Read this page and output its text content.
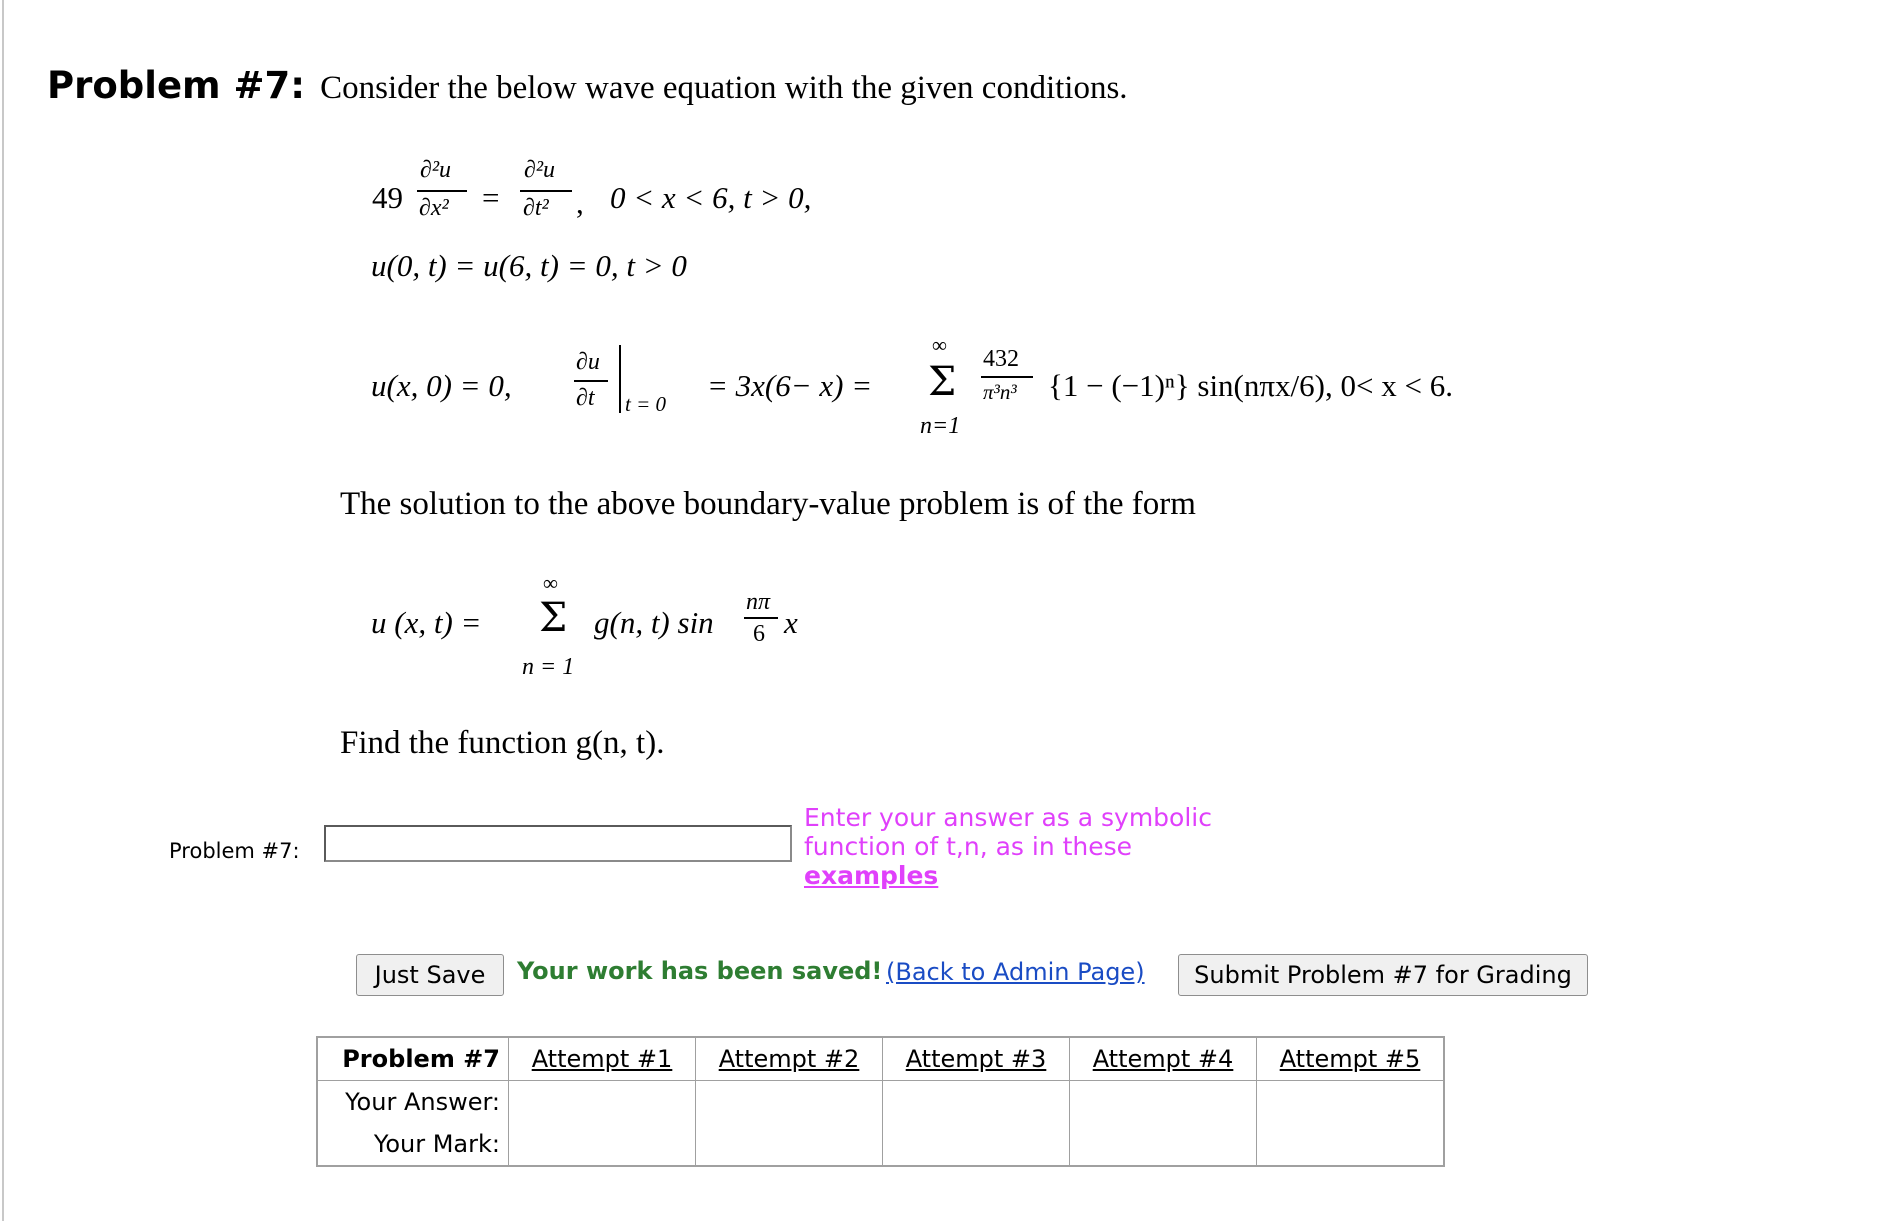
Problem #7: Consider the below wave equation with the given conditions.
49
∂²u
∂x² =
∂²u
∂t² , 0 < x < 6, t > 0,
u(0, t) = u(6, t) = 0, t > 0
u(x, 0) = 0,
∂u
∂t t = 0
= 3x(6− x) =
∞
Σ
n=1
432
π³n³ {1 − (−1)ⁿ} sin(nπx/6), 0< x < 6.
The solution to the above boundary-value problem is of the form
u (x, t) =
∞
Σ
n = 1
g(n, t) sin
nπ
6 x
Find the function g(n, t).
Problem #7:
Enter your answer as a symbolic
function of t,n, as in these
examples
Just Save	Your work has been saved! (Back to Admin Page)	Submit Problem #7 for Grading
Problem #7	Attempt #1	Attempt #2	Attempt #3	Attempt #4	Attempt #5
Your Answer:					
Your Mark:					
